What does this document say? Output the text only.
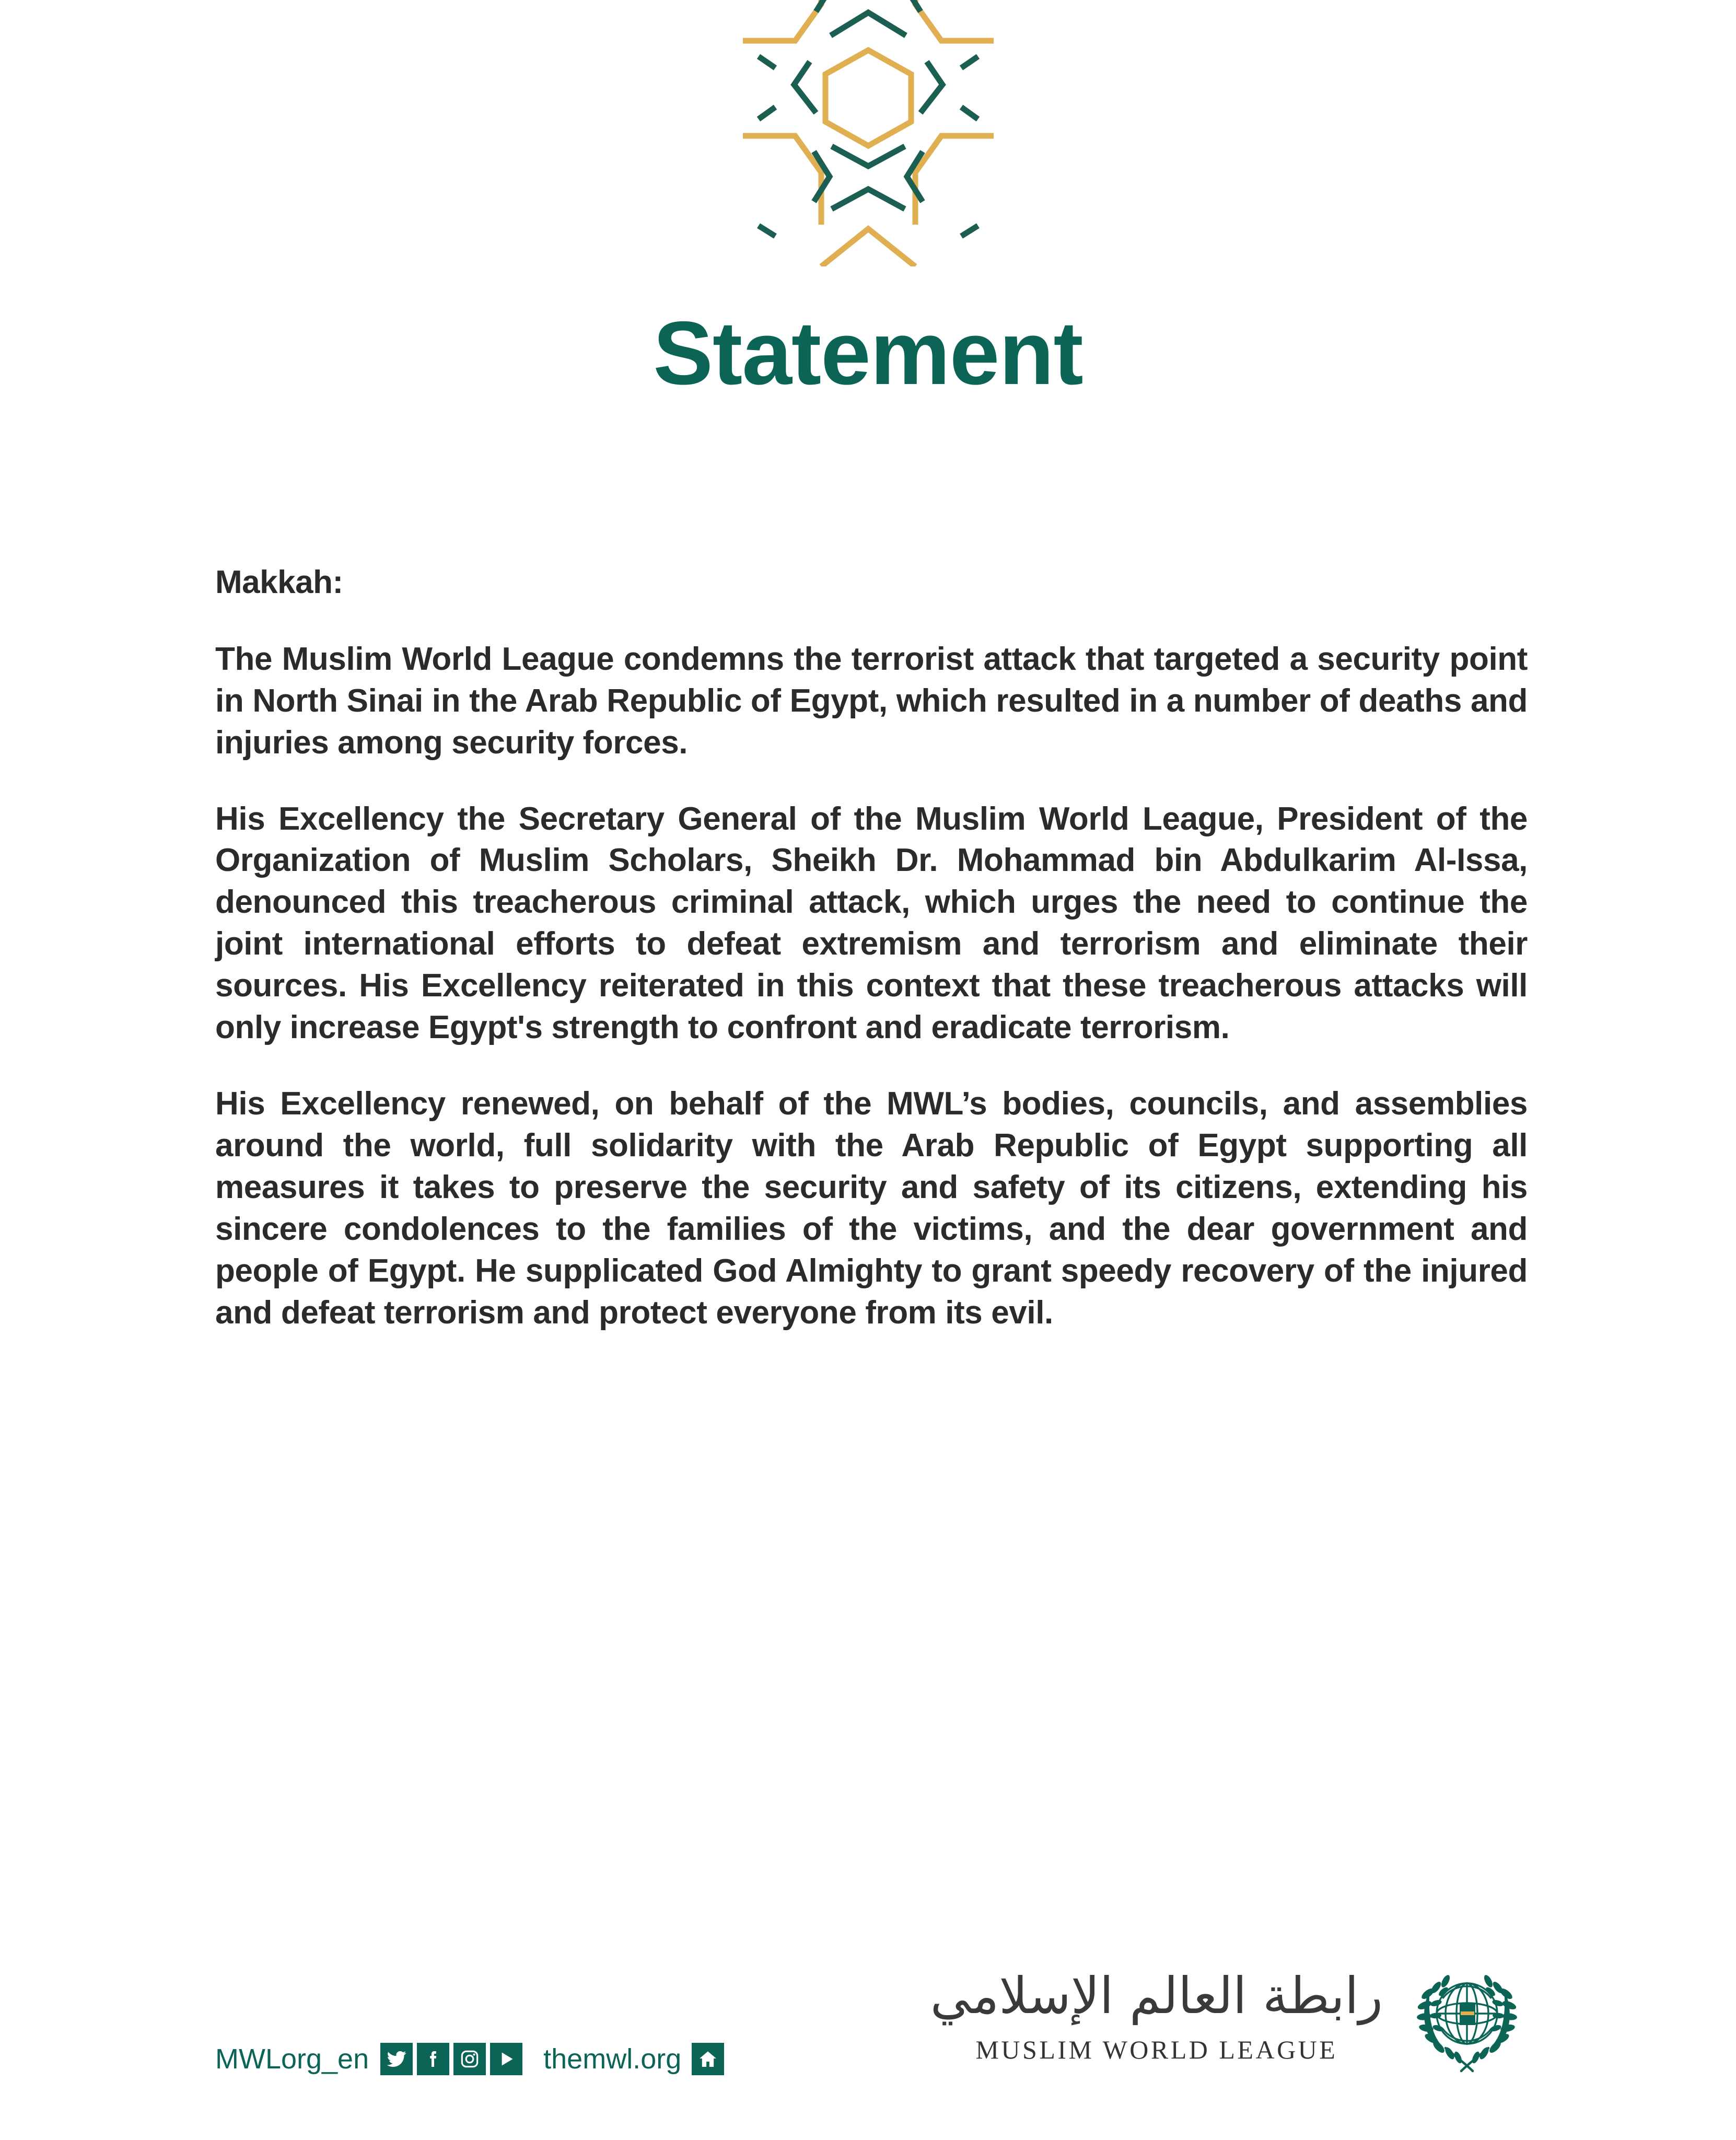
Statement
Makkah:

The Muslim World League condemns the terrorist attack that targeted a security point in North Sinai in the Arab Republic of Egypt, which resulted in a number of deaths and injuries among security forces.

His Excellency the Secretary General of the Muslim World League, President of the Organization of Muslim Scholars, Sheikh Dr. Mohammad bin Abdulkarim Al-Issa, denounced this treacherous criminal attack, which urges the need to continue the joint international efforts to defeat extremism and terrorism and eliminate their sources. His Excellency reiterated in this context that these treacherous attacks will only increase Egypt's strength to confront and eradicate terrorism.

His Excellency renewed, on behalf of the MWL’s bodies, councils, and assemblies around the world, full solidarity with the Arab Republic of Egypt supporting all measures it takes to preserve the security and safety of its citizens, extending his sincere condolences to the families of the victims, and the dear government and people of Egypt. He supplicated God Almighty to grant speedy recovery of the injured and defeat terrorism and protect everyone from its evil.

MWLorg_en	themwl.org
رابطة العالم الإسلامي
MUSLIM WORLD LEAGUE
